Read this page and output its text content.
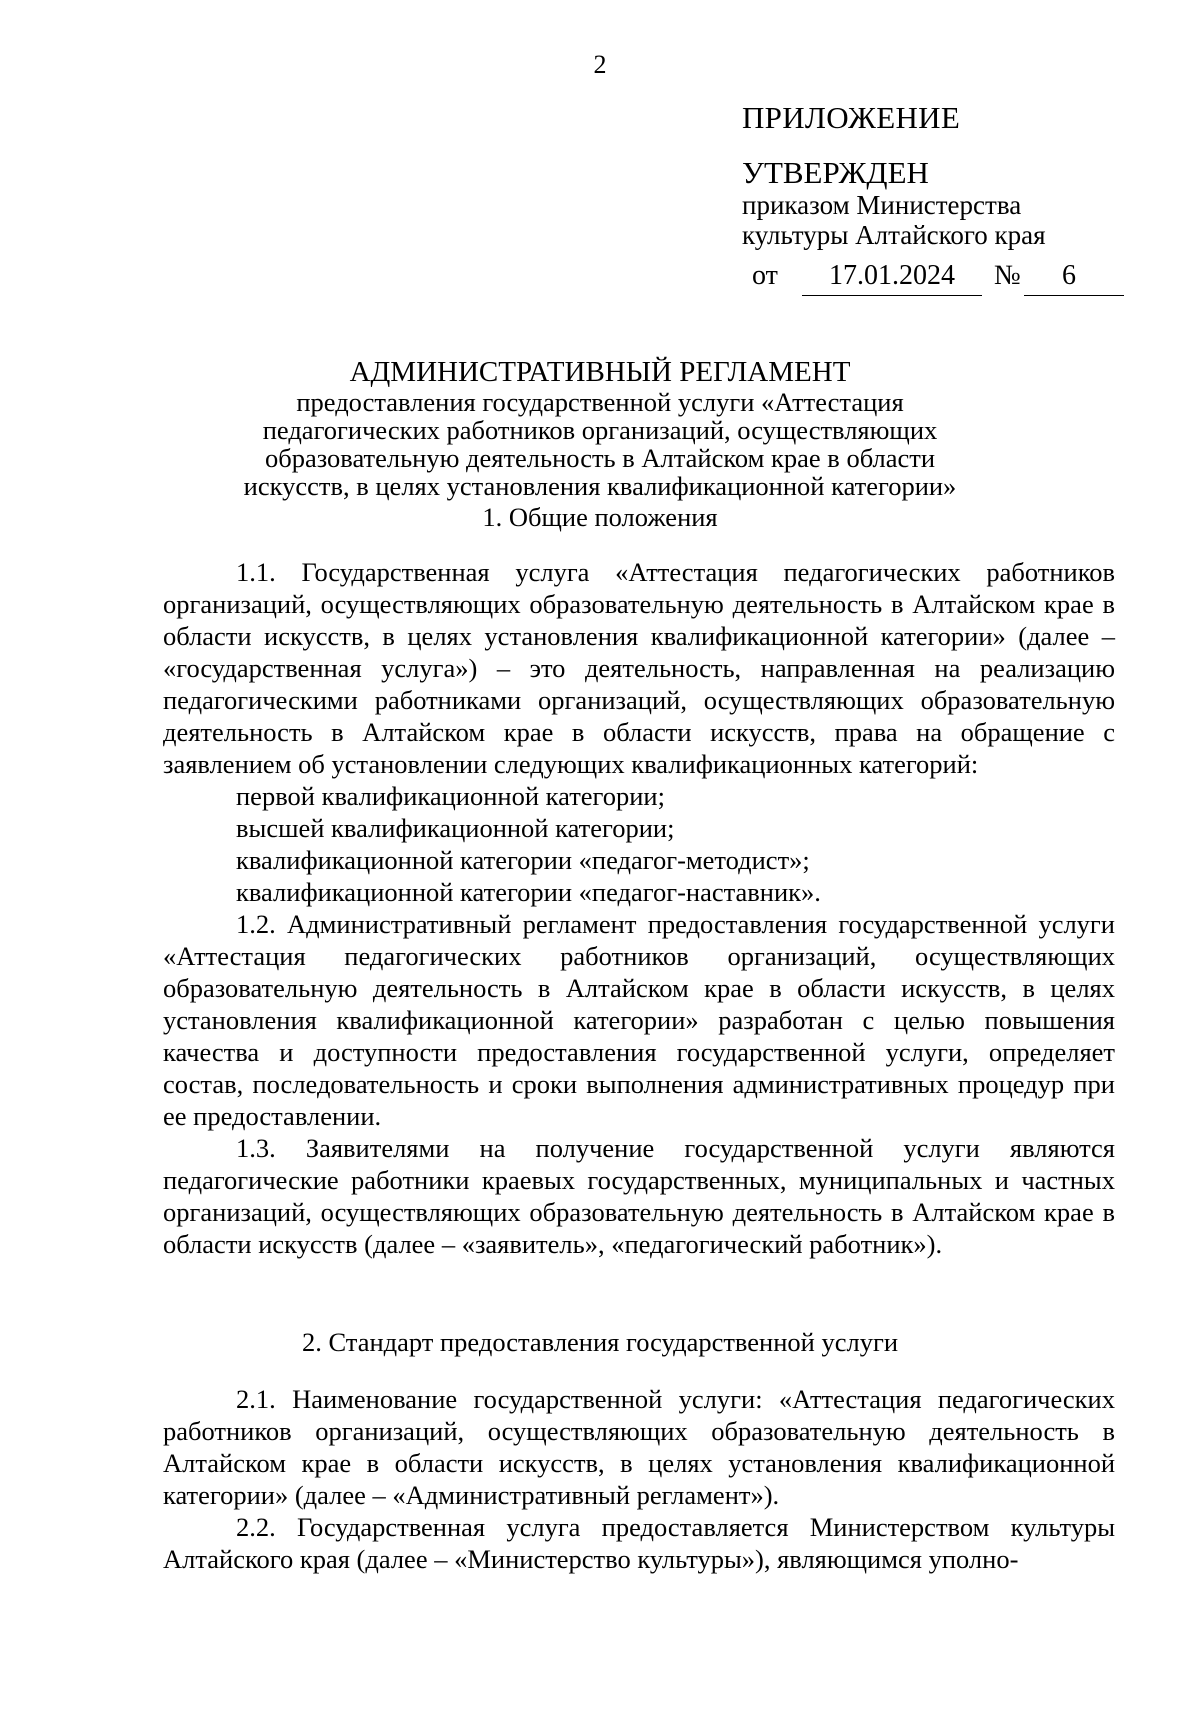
2
ПРИЛОЖЕНИЕ
УТВЕРЖДЕН
приказом Министерства
культуры Алтайского края
от	17.01.2024	№	6
АДМИНИСТРАТИВНЫЙ РЕГЛАМЕНТ
предоставления государственной услуги «Аттестация
педагогических работников организаций, осуществляющих
образовательную деятельность в Алтайском крае в области
искусств, в целях установления квалификационной категории»
1. Общие положения

1.1. Государственная услуга «Аттестация педагогических работников организаций, осуществляющих образовательную деятельность в Алтайском крае в области искусств, в целях установления квалификационной категории» (далее – «государственная услуга») – это деятельность, направленная на реализацию педагогическими работниками организаций, осуществляющих образовательную деятельность в Алтайском крае в области искусств, права на обращение с заявлением об установлении следующих квалификационных категорий:

первой квалификационной категории;

высшей квалификационной категории;

квалификационной категории «педагог-методист»;

квалификационной категории «педагог-наставник».

1.2. Административный регламент предоставления государственной услуги «Аттестация педагогических работников организаций, осуществляющих образовательную деятельность в Алтайском крае в области искусств, в целях установления квалификационной категории» разработан с целью повышения качества и доступности предоставления государственной услуги, определяет состав, последовательность и сроки выполнения административных процедур при ее предоставлении.

1.3. Заявителями на получение государственной услуги являются педагогические работники краевых государственных, муниципальных и частных организаций, осуществляющих образовательную деятельность в Алтайском крае в области искусств (далее – «заявитель», «педагогический работник»).

2. Стандарт предоставления государственной услуги

2.1. Наименование государственной услуги: «Аттестация педагогических работников организаций, осуществляющих образовательную деятельность в Алтайском крае в области искусств, в целях установления квалификационной категории» (далее – «Административный регламент»).

2.2. Государственная услуга предоставляется Министерством культуры Алтайского края (далее – «Министерство культуры»), являющимся уполно-
